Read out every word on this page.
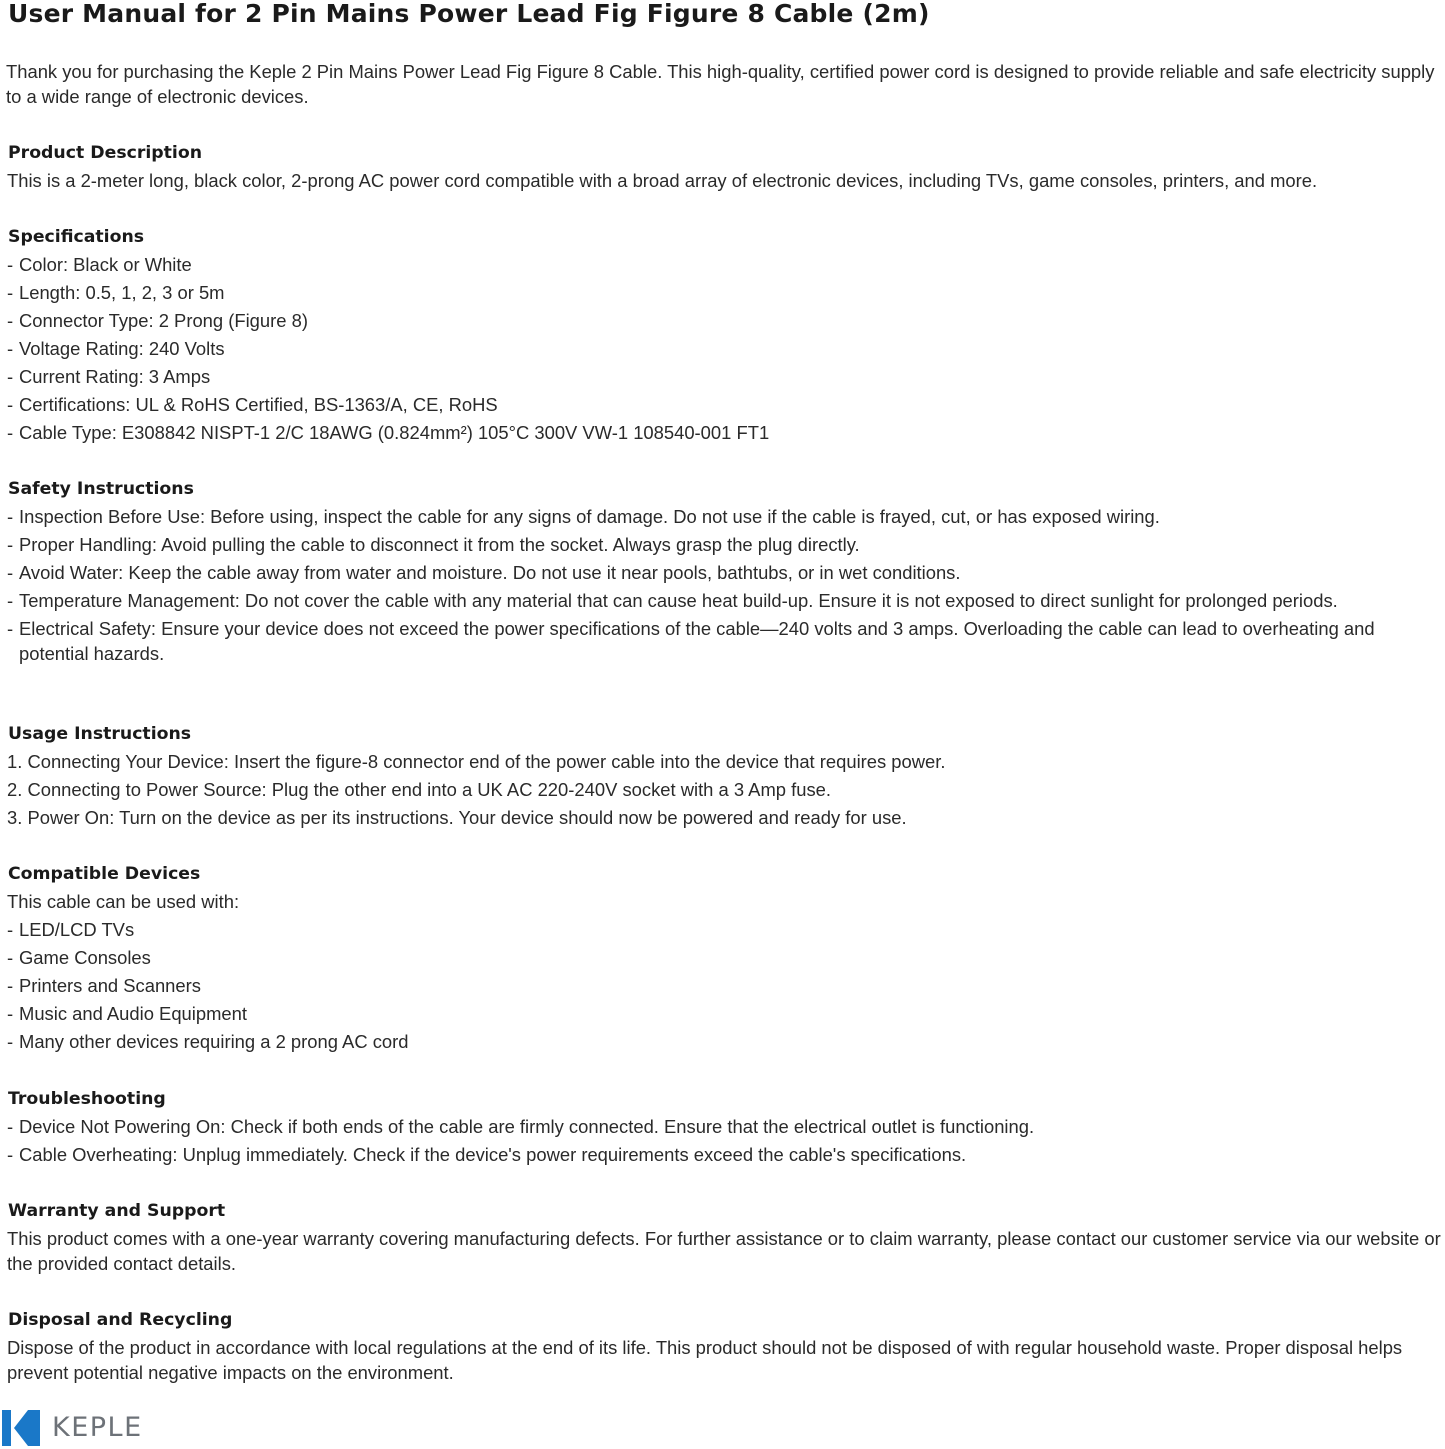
User Manual for 2 Pin Mains Power Lead Fig Figure 8 Cable (2m)

Thank you for purchasing the Keple 2 Pin Mains Power Lead Fig Figure 8 Cable. This high-quality, certified power cord is designed to provide reliable and safe electricity supply to a wide range of electronic devices.

Product Description

This is a 2-meter long, black color, 2-prong AC power cord compatible with a broad array of electronic devices, including TVs, game consoles, printers, and more.

Specifications
- Color: Black or White
- Length: 0.5, 1, 2, 3 or 5m
- Connector Type: 2 Prong (Figure 8)
- Voltage Rating: 240 Volts
- Current Rating: 3 Amps
- Certifications: UL & RoHS Certified, BS-1363/A, CE, RoHS
- Cable Type: E308842 NISPT-1 2/C 18AWG (0.824mm²) 105°C 300V VW-1 108540-001 FT1
Safety Instructions
- Inspection Before Use: Before using, inspect the cable for any signs of damage. Do not use if the cable is frayed, cut, or has exposed wiring.
- Proper Handling: Avoid pulling the cable to disconnect it from the socket. Always grasp the plug directly.
- Avoid Water: Keep the cable away from water and moisture. Do not use it near pools, bathtubs, or in wet conditions.
- Temperature Management: Do not cover the cable with any material that can cause heat build-up. Ensure it is not exposed to direct sunlight for prolonged periods.
- Electrical Safety: Ensure your device does not exceed the power specifications of the cable—240 volts and 3 amps. Overloading the cable can lead to overheating and potential hazards.
Usage Instructions
1. Connecting Your Device: Insert the figure-8 connector end of the power cable into the device that requires power.
2. Connecting to Power Source: Plug the other end into a UK AC 220-240V socket with a 3 Amp fuse.
3. Power On: Turn on the device as per its instructions. Your device should now be powered and ready for use.
Compatible Devices

This cable can be used with:

- LED/LCD TVs
- Game Consoles
- Printers and Scanners
- Music and Audio Equipment
- Many other devices requiring a 2 prong AC cord
Troubleshooting
- Device Not Powering On: Check if both ends of the cable are firmly connected. Ensure that the electrical outlet is functioning.
- Cable Overheating: Unplug immediately. Check if the device's power requirements exceed the cable's specifications.
Warranty and Support

This product comes with a one-year warranty covering manufacturing defects. For further assistance or to claim warranty, please contact our customer service via our website or the provided contact details.

Disposal and Recycling

Dispose of the product in accordance with local regulations at the end of its life. This product should not be disposed of with regular household waste. Proper disposal helps prevent potential negative impacts on the environment.

KEPLE
